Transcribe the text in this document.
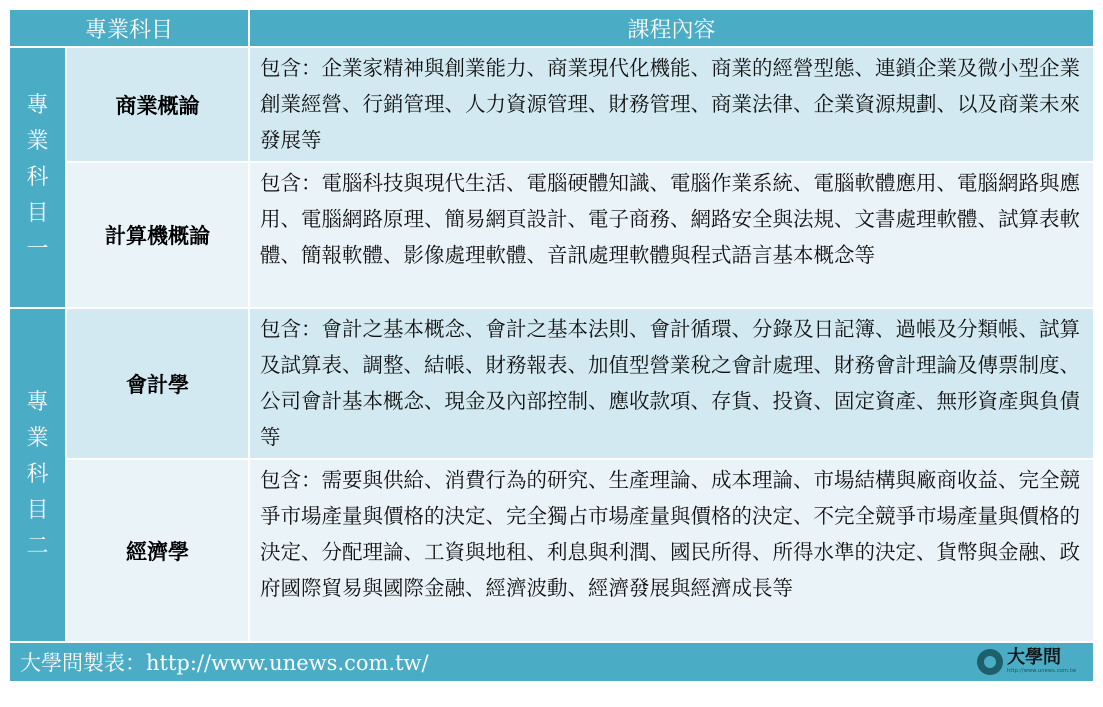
專業科目		課程內容

專
業
科
目
一	商業概論	包含：企業家精神與創業能力、商業現代化機能、商業的經營型態、連鎖企業及微小型企業創業經營、行銷管理、人力資源管理、財務管理、商業法律、企業資源規劃、以及商業未來發展等
	計算機概論	包含：電腦科技與現代生活、電腦硬體知識、電腦作業系統、電腦軟體應用、電腦網路與應用、電腦網路原理、簡易網頁設計、電子商務、網路安全與法規、文書處理軟體、試算表軟體、簡報軟體、影像處理軟體、音訊處理軟體與程式語言基本概念等

專
業
科
目
二	會計學	包含：會計之基本概念、會計之基本法則、會計循環、分錄及日記簿、過帳及分類帳、試算及試算表、調整、結帳、財務報表、加值型營業稅之會計處理、財務會計理論及傳票制度、公司會計基本概念、現金及內部控制、應收款項、存貨、投資、固定資產、無形資產與負債等
	經濟學	包含：需要與供給、消費行為的研究、生產理論、成本理論、市場結構與廠商收益、完全競爭市場產量與價格的決定、完全獨占市場產量與價格的決定、不完全競爭市場產量與價格的決定、分配理論、工資與地租、利息與利潤、國民所得、所得水準的決定、貨幣與金融、政府國際貿易與國際金融、經濟波動、經濟發展與經濟成長等
大學問製表：http://www.unews.com.tw/	大學問
http://www.unews.com.tw
